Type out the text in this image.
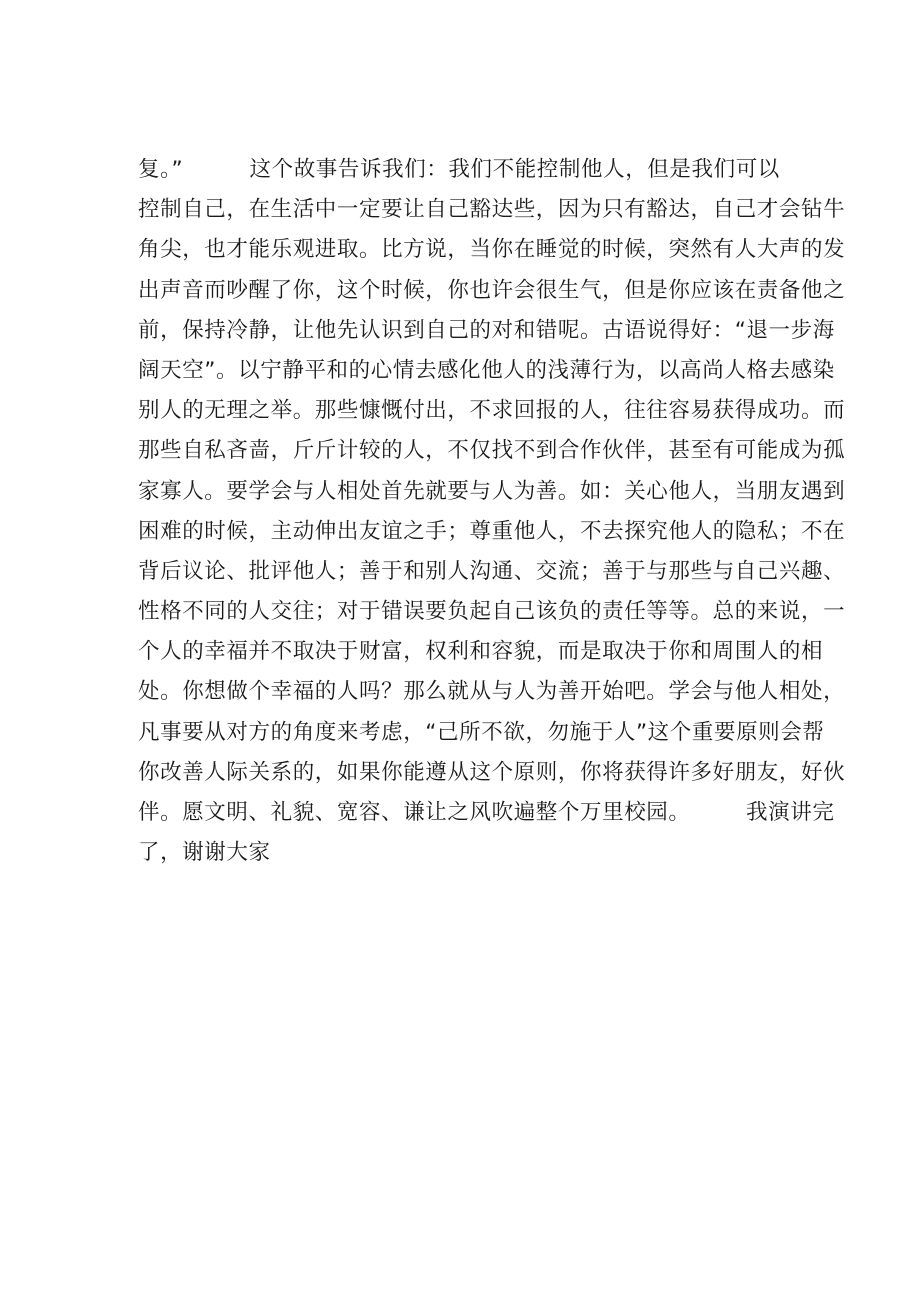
复。”　　　这个故事告诉我们：我们不能控制他人，但是我们可以
控制自己，在生活中一定要让自己豁达些，因为只有豁达，自己才会钻牛
角尖，也才能乐观进取。比方说，当你在睡觉的时候，突然有人大声的发
出声音而吵醒了你，这个时候，你也许会很生气，但是你应该在责备他之
前，保持冷静，让他先认识到自己的对和错呢。古语说得好：“退一步海
阔天空”。以宁静平和的心情去感化他人的浅薄行为，以高尚人格去感染
别人的无理之举。那些慷慨付出，不求回报的人，往往容易获得成功。而
那些自私吝啬，斤斤计较的人，不仅找不到合作伙伴，甚至有可能成为孤
家寡人。要学会与人相处首先就要与人为善。如：关心他人，当朋友遇到
困难的时候，主动伸出友谊之手；尊重他人，不去探究他人的隐私；不在
背后议论、批评他人；善于和别人沟通、交流；善于与那些与自己兴趣、
性格不同的人交往；对于错误要负起自己该负的责任等等。总的来说，一
个人的幸福并不取决于财富，权利和容貌，而是取决于你和周围人的相
处。你想做个幸福的人吗？那么就从与人为善开始吧。学会与他人相处，
凡事要从对方的角度来考虑，“己所不欲，勿施于人”这个重要原则会帮
你改善人际关系的，如果你能遵从这个原则，你将获得许多好朋友，好伙
伴。愿文明、礼貌、宽容、谦让之风吹遍整个万里校园。　　　我演讲完
了，谢谢大家
